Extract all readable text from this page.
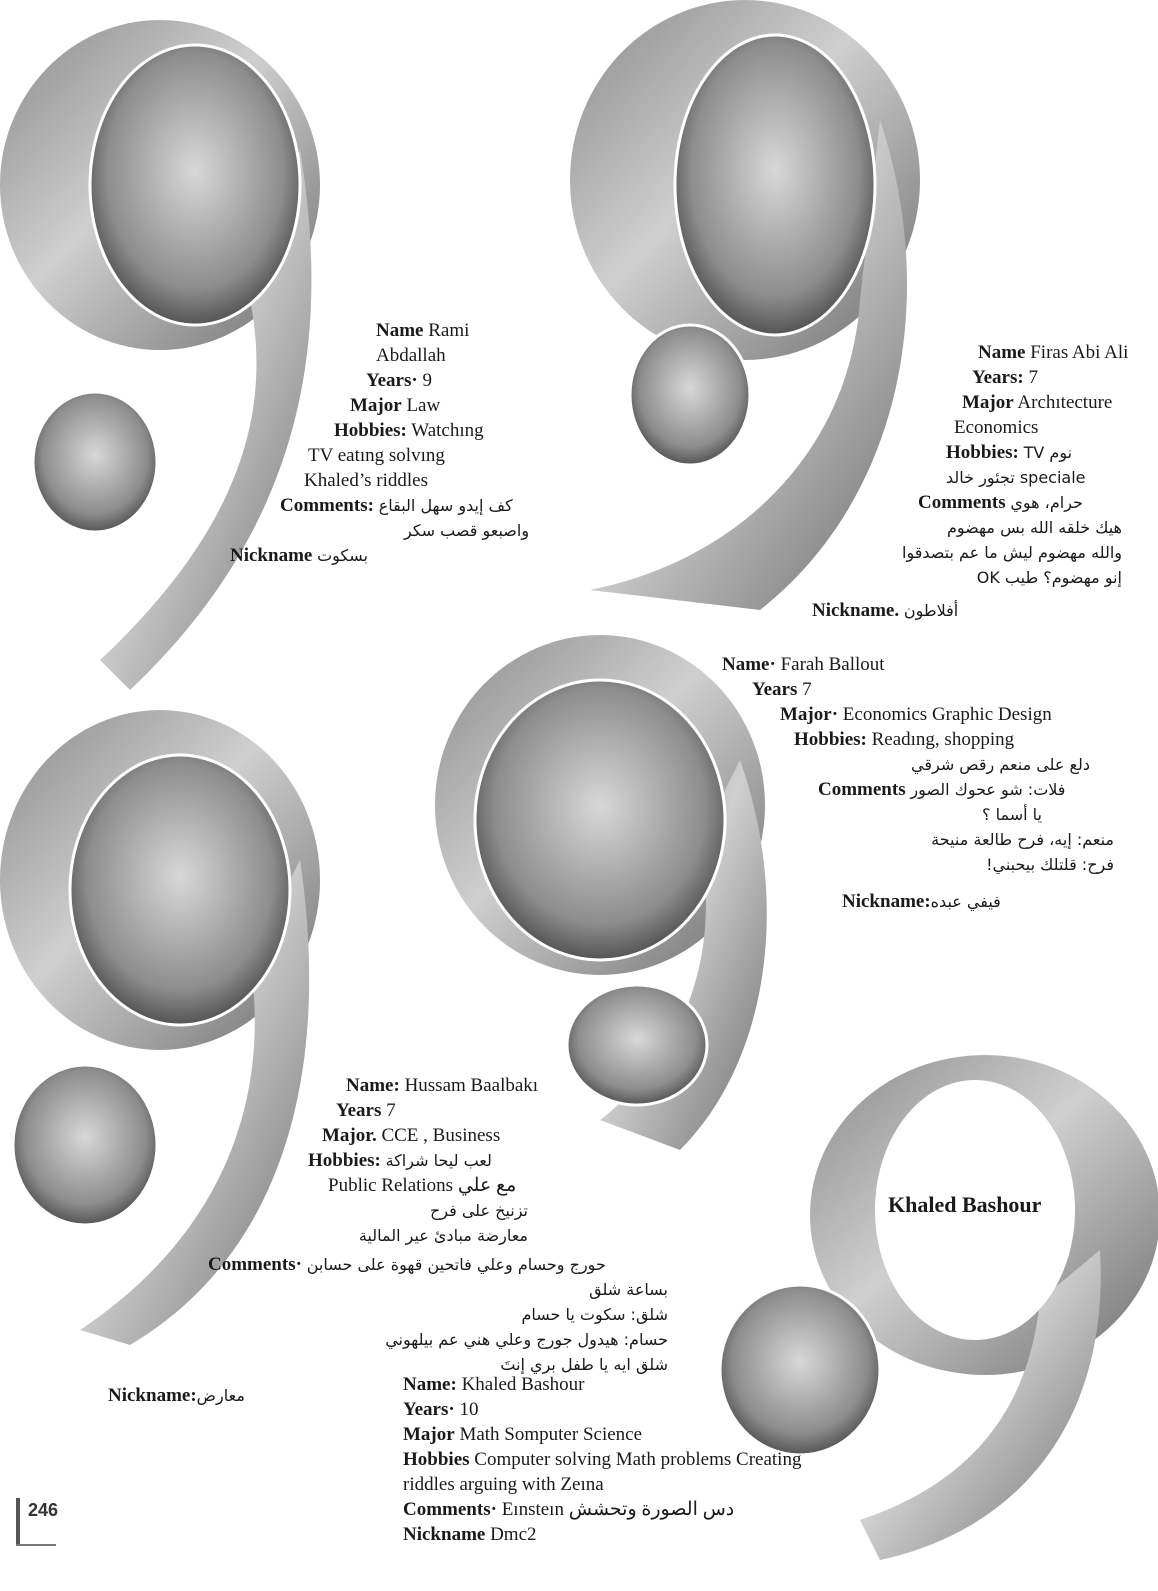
Name Rami
Abdallah
Years· 9
Major Law
Hobbies: Watchıng
TV eatıng solvıng
Khaled’s riddles
Comments: كف إيدو سهل البقاع
واصبعو قصب سكر
Nickname بسكوت
Name Firas Abi Ali
Years: 7
Major Archıtecture
Economics
Hobbies: نوم TV
تجئور خالد speciale
Comments حرام، هوي
هيك خلقه الله بس مهضوم
والله مهضوم ليش ما عم بتصدقوا
إنو مهضوم؟ طيب OK
Nickname. أفلاطون
Name· Farah Ballout
Years 7
Major· Economics Graphic Design
Hobbies: Readıng, shopping
دلع على منعم رقص شرقي
Comments فلات: شو عحوك الصور
يا أسما ؟
منعم: إيه، فرح طالعة منيحة
فرح: قلتلك بيحبني!
Nickname:فيفي عبده
Name: Hussam Baalbakı
Years 7
Major. CCE , Business
Hobbies: لعب ليحا شراكة
Public Relations مع علي
تزنيخ على فرح
معارضة مبادئ عير المالية
Comments· حورج وحسام وعلي فاتحين قهوة على حسابن
بساعة شلق
شلق: سكوت يا حسام
حسام: هيدول جورج وعلي هني عم بيلهوني
شلق ايه يا طفل بري إنتَ
Nickname:معارض
Khaled Bashour
Name: Khaled Bashour
Years· 10
Major Math Somputer Science
Hobbies Computer solving Math problems Creating
riddles arguing with Zeına
Comments· Eınsteın دس الصورة وتحشش
Nickname Dmc2
246
